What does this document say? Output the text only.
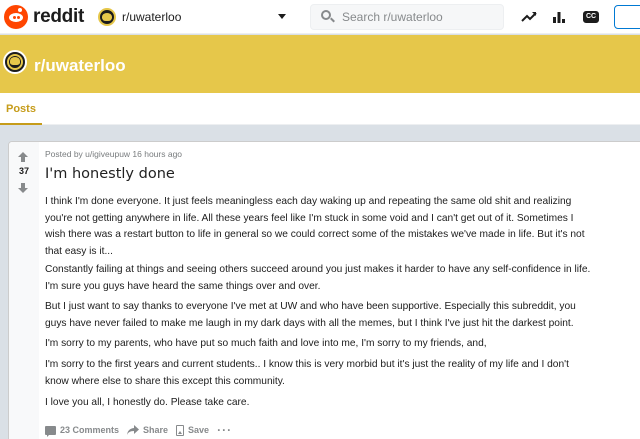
reddit	r/uwaterloo
Search r/uwaterloo	CC
r/uwaterloo
Posts
37
Posted by u/igiveupuw 16 hours ago
I'm honestly done

I think I'm done everyone. It just feels meaningless each day waking up and repeating the same old shit and realizing
you're not getting anywhere in life. All these years feel like I'm stuck in some void and I can't get out of it. Sometimes I
wish there was a restart button to life in general so we could correct some of the mistakes we've made in life. But it's not
that easy is it...

Constantly failing at things and seeing others succeed around you just makes it harder to have any self-confidence in life.
I'm sure you guys have heard the same things over and over.

But I just want to say thanks to everyone I've met at UW and who have been supportive. Especially this subreddit, you
guys have never failed to make me laugh in my dark days with all the memes, but I think I've just hit the darkest point.

I'm sorry to my parents, who have put so much faith and love into me, I'm sorry to my friends, and,

I'm sorry to the first years and current students.. I know this is very morbid but it's just the reality of my life and I don't
know where else to share this except this community.

I love you all, I honestly do. Please take care.

23 Comments	Share Save ···
